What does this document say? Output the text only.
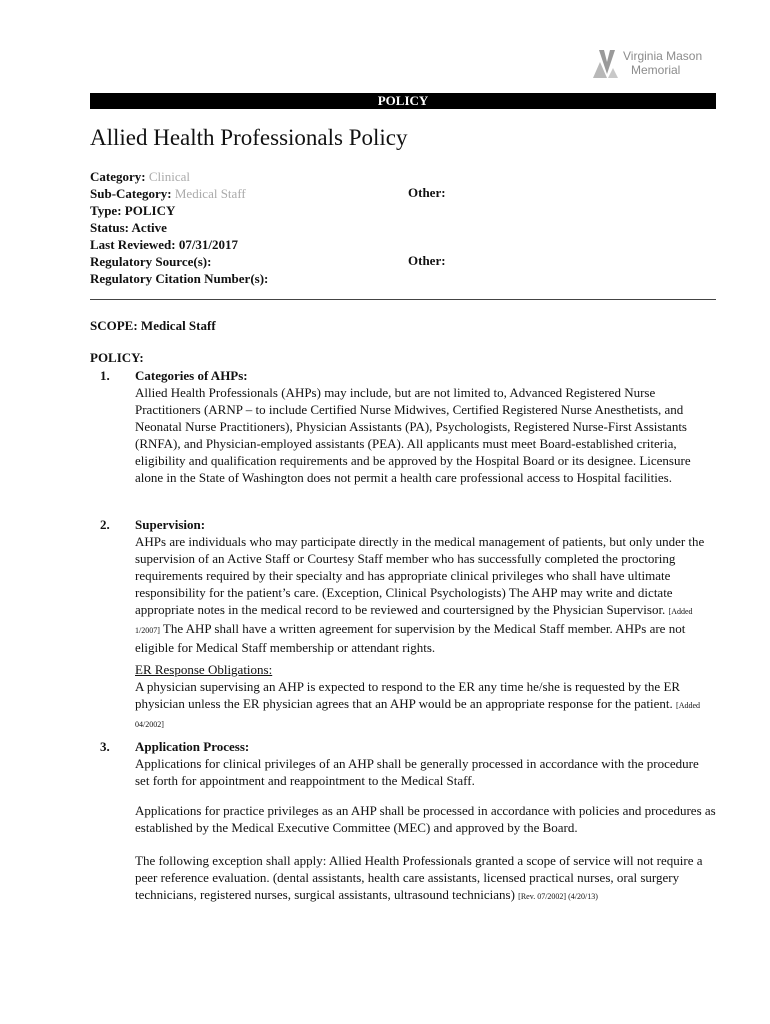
Virginia Mason
Memorial
POLICY
Allied Health Professionals Policy
Category: Clinical
Sub-Category: Medical Staff
Type: POLICY
Status: Active
Last Reviewed: 07/31/2017
Regulatory Source(s):
Regulatory Citation Number(s):
Other:
Other:
SCOPE: Medical Staff
POLICY:
1. Categories of AHPs:

Allied Health Professionals (AHPs) may include, but are not limited to, Advanced Registered Nurse Practitioners (ARNP – to include Certified Nurse Midwives, Certified Registered Nurse Anesthetists, and Neonatal Nurse Practitioners), Physician Assistants (PA), Psychologists, Registered Nurse-First Assistants (RNFA), and Physician-employed assistants (PEA). All applicants must meet Board-established criteria, eligibility and qualification requirements and be approved by the Hospital Board or its designee. Licensure alone in the State of Washington does not permit a health care professional access to Hospital facilities.

2. Supervision:

AHPs are individuals who may participate directly in the medical management of patients, but only under the supervision of an Active Staff or Courtesy Staff member who has successfully completed the proctoring requirements required by their specialty and has appropriate clinical privileges who shall have ultimate responsibility for the patient’s care. (Exception, Clinical Psychologists) The AHP may write and dictate appropriate notes in the medical record to be reviewed and courtersigned by the Physician Supervisor. [Added 1/2007] The AHP shall have a written agreement for supervision by the Medical Staff member. AHPs are not eligible for Medical Staff membership or attendant rights.

ER Response Obligations:

A physician supervising an AHP is expected to respond to the ER any time he/she is requested by the ER physician unless the ER physician agrees that an AHP would be an appropriate response for the patient. [Added 04/2002]

3. Application Process:

Applications for clinical privileges of an AHP shall be generally processed in accordance with the procedure set forth for appointment and reappointment to the Medical Staff.

Applications for practice privileges as an AHP shall be processed in accordance with policies and procedures as established by the Medical Executive Committee (MEC) and approved by the Board.

The following exception shall apply: Allied Health Professionals granted a scope of service will not require a peer reference evaluation. (dental assistants, health care assistants, licensed practical nurses, oral surgery technicians, registered nurses, surgical assistants, ultrasound technicians) [Rev. 07/2002] (4/20/13)
